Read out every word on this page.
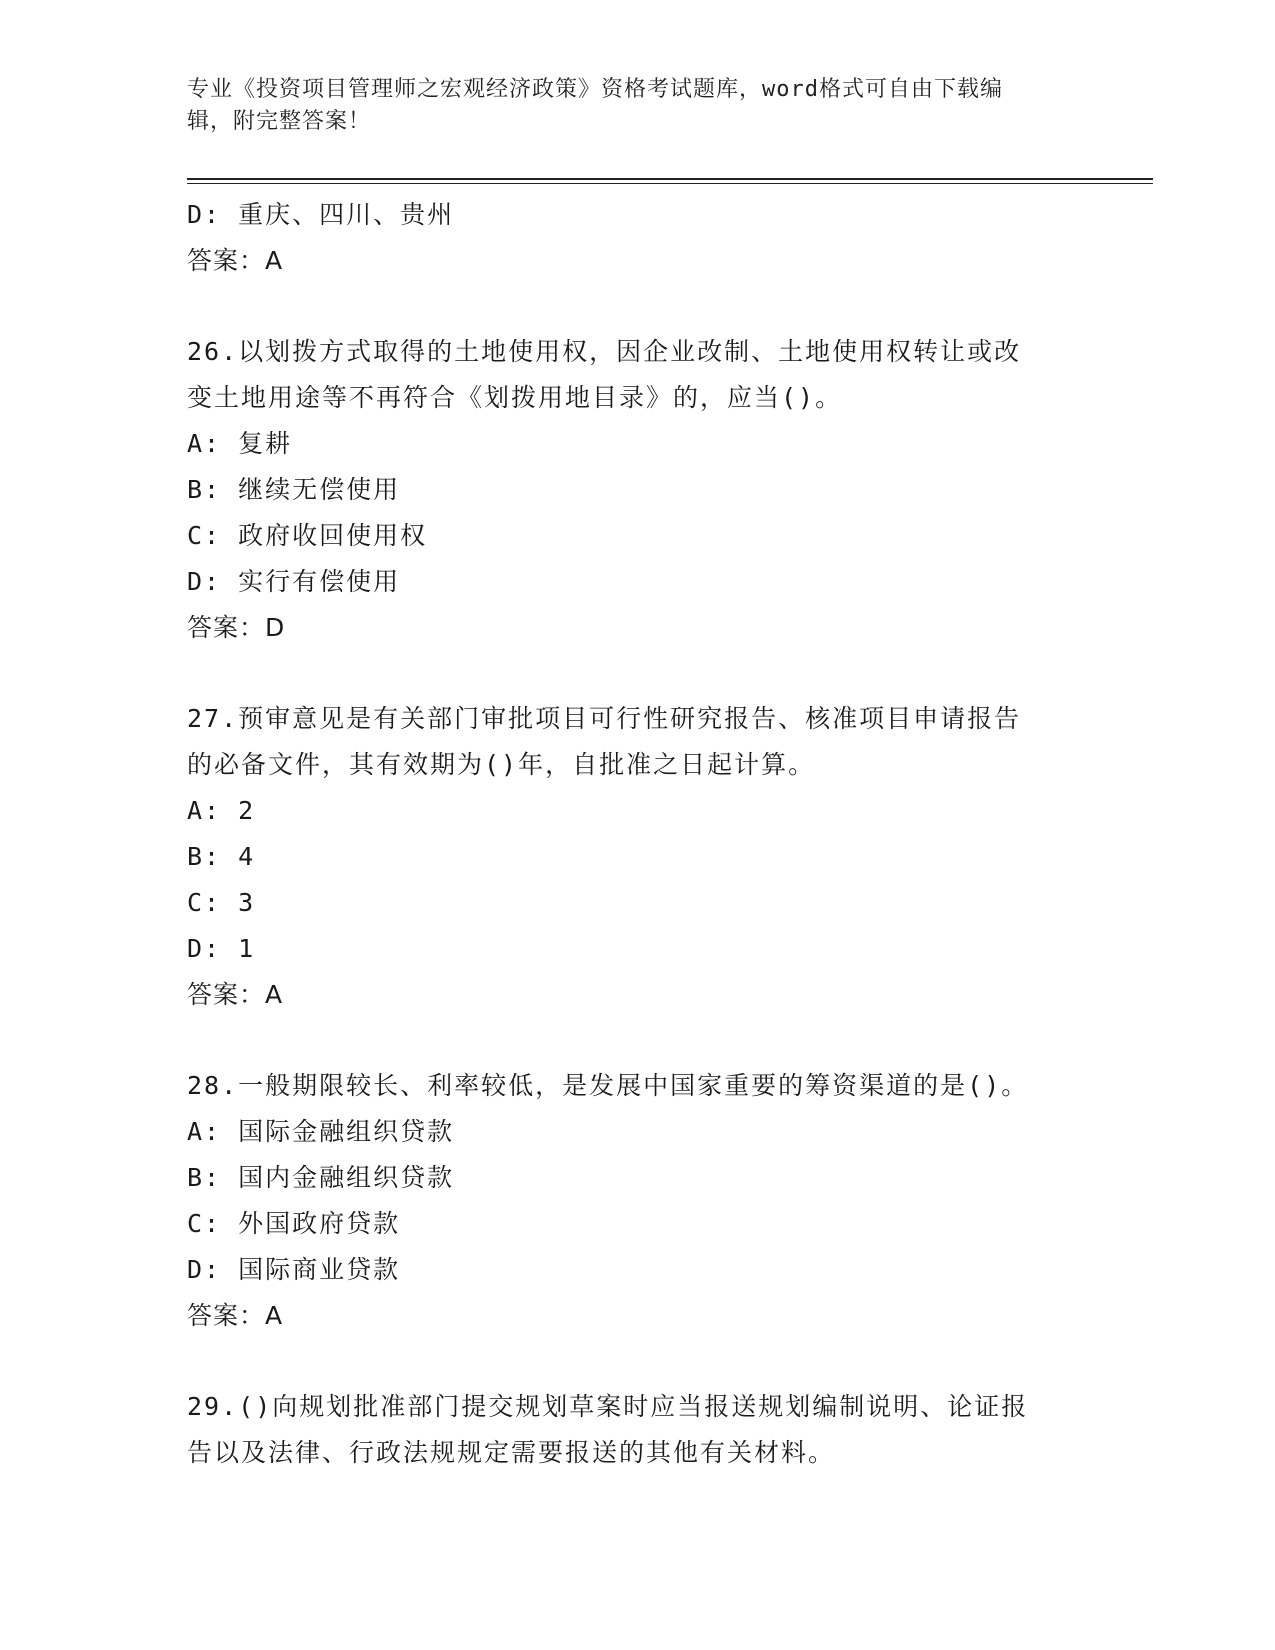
专业《投资项目管理师之宏观经济政策》资格考试题库，word格式可自由下载编
辑，附完整答案！
D: 重庆、四川、贵州
答案：A
26.以划拨方式取得的土地使用权，因企业改制、土地使用权转让或改
变土地用途等不再符合《划拨用地目录》的，应当()。
A: 复耕
B: 继续无偿使用
C: 政府收回使用权
D: 实行有偿使用
答案：D
27.预审意见是有关部门审批项目可行性研究报告、核准项目申请报告
的必备文件，其有效期为()年，自批准之日起计算。
A: 2
B: 4
C: 3
D: 1
答案：A
28.一般期限较长、利率较低，是发展中国家重要的筹资渠道的是()。
A: 国际金融组织贷款
B: 国内金融组织贷款
C: 外国政府贷款
D: 国际商业贷款
答案：A
29.()向规划批准部门提交规划草案时应当报送规划编制说明、论证报
告以及法律、行政法规规定需要报送的其他有关材料。
